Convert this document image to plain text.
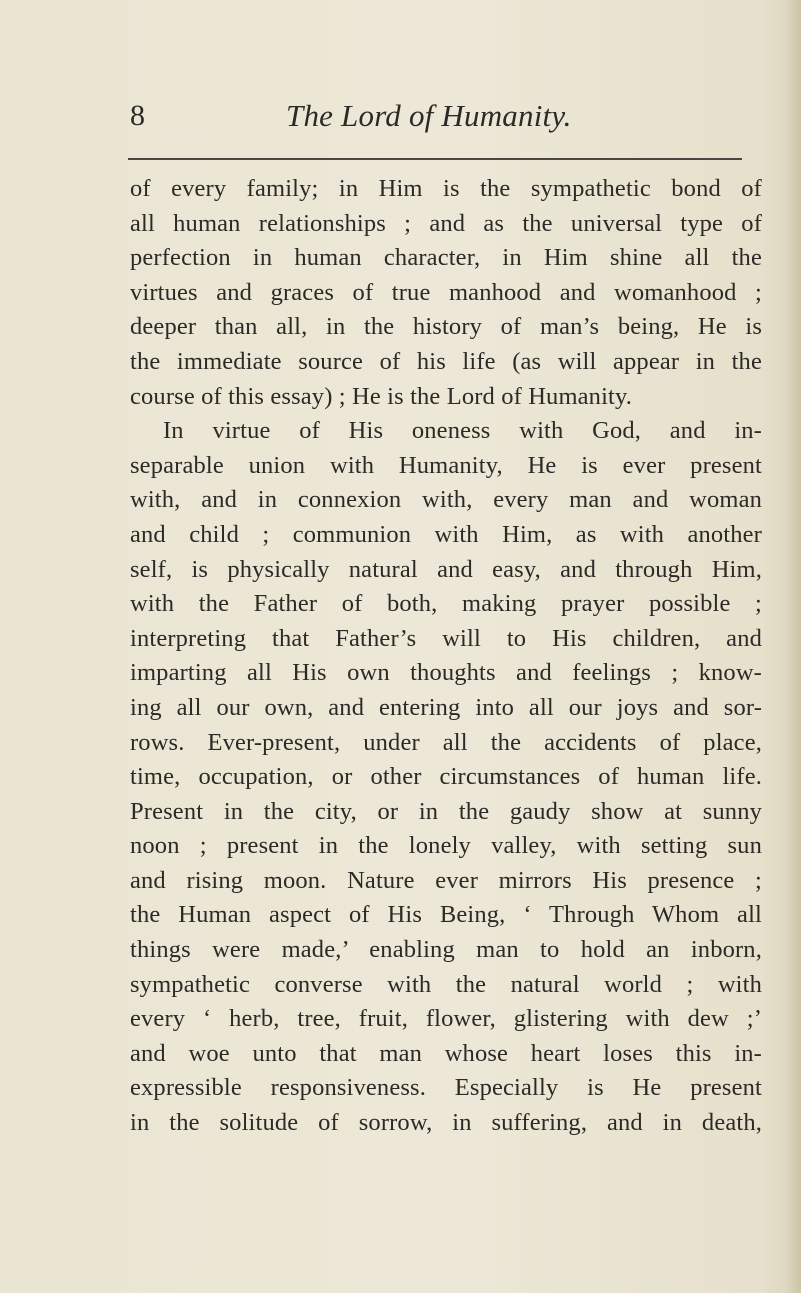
8	The Lord of Humanity.
of every family; in Him is the sympathetic bond of
all human relationships ; and as the universal type of
perfection in human character, in Him shine all the
virtues and graces of true manhood and womanhood ;
deeper than all, in the history of man’s being, He is
the immediate source of his life (as will appear in the
course of this essay) ; He is the Lord of Humanity.
In virtue of His oneness with God, and in-
separable union with Humanity, He is ever present
with, and in connexion with, every man and woman
and child ; communion with Him, as with another
self, is physically natural and easy, and through Him,
with the Father of both, making prayer possible ;
interpreting that Father’s will to His children, and
imparting all His own thoughts and feelings ; know-
ing all our own, and entering into all our joys and sor-
rows. Ever-present, under all the accidents of place,
time, occupation, or other circumstances of human life.
Present in the city, or in the gaudy show at sunny
noon ; present in the lonely valley, with setting sun
and rising moon. Nature ever mirrors His presence ;
the Human aspect of His Being, ‘ Through Whom all
things were made,’ enabling man to hold an inborn,
sympathetic converse with the natural world ; with
every ‘ herb, tree, fruit, flower, glistering with dew ;’
and woe unto that man whose heart loses this in-
expressible responsiveness. Especially is He present
in the solitude of sorrow, in suffering, and in death,
